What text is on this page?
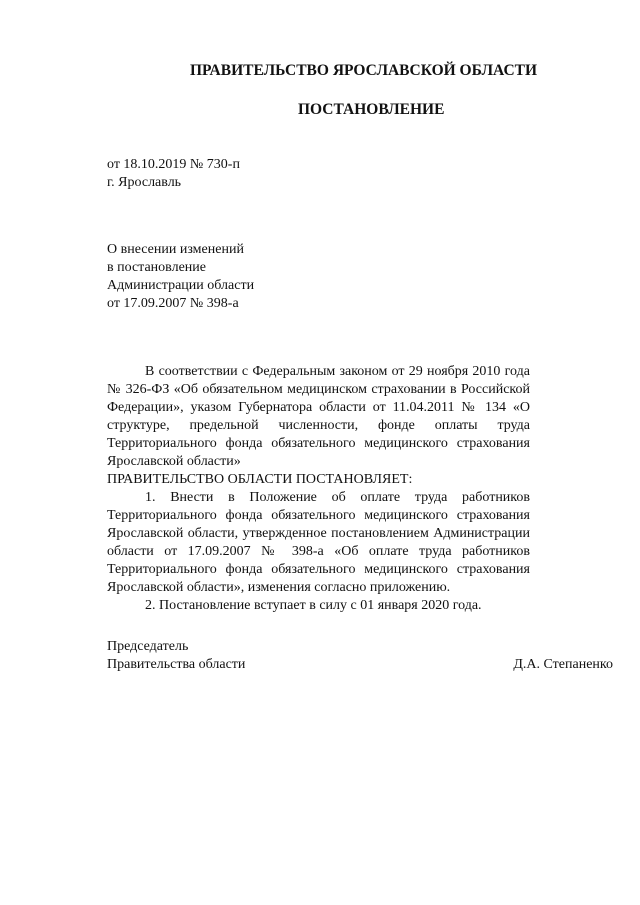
ПРАВИТЕЛЬСТВО ЯРОСЛАВСКОЙ ОБЛАСТИ
ПОСТАНОВЛЕНИЕ
от 18.10.2019 № 730-п
г. Ярославль
О внесении изменений
в постановление
Администрации области
от 17.09.2007 № 398-а

В соответствии с Федеральным законом от 29 ноября 2010 года № 326-ФЗ «Об обязательном медицинском страховании в Российской Федерации», указом Губернатора области от 11.04.2011 № 134 «О структуре, предельной численности, фонде оплаты труда Территориального фонда обязательного медицинского страхования Ярославской области»

ПРАВИТЕЛЬСТВО ОБЛАСТИ ПОСТАНОВЛЯЕТ:

1. Внести в Положение об оплате труда работников Территориального фонда обязательного медицинского страхования Ярославской области, утвержденное постановлением Администрации области от 17.09.2007 № 398-а «Об оплате труда работников Территориального фонда обязательного медицинского страхования Ярославской области», изменения согласно приложению.

2. Постановление вступает в силу с 01 января 2020 года.

Председатель
Правительства области	Д.А. Степаненко
